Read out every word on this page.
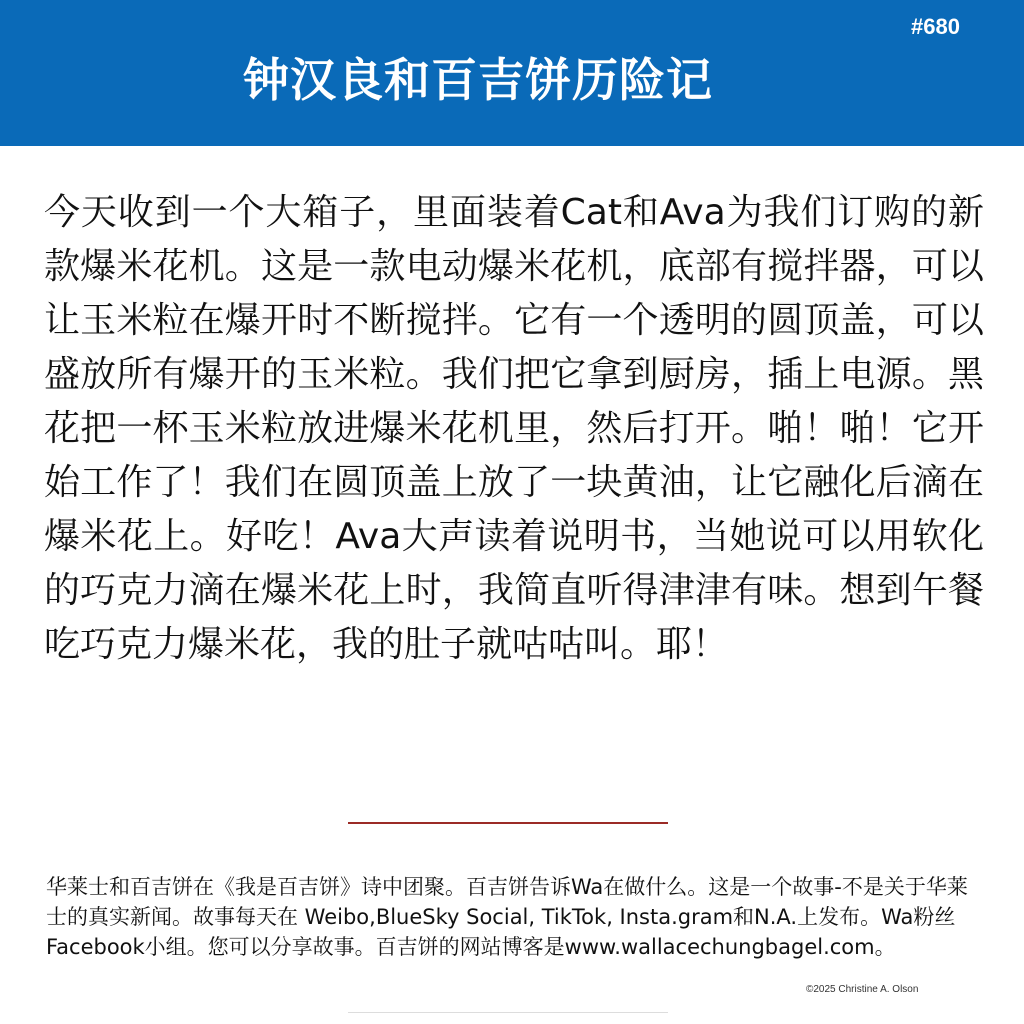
#680
钟汉良和百吉饼历险记

今天收到一个大箱子，里面装着Cat和Ava为我们订购的新款爆米花机。这是一款电动爆米花机，底部有搅拌器，可以让玉米粒在爆开时不断搅拌。它有一个透明的圆顶盖，可以盛放所有爆开的玉米粒。我们把它拿到厨房，插上电源。黑花把一杯玉米粒放进爆米花机里，然后打开。啪！啪！它开始工作了！我们在圆顶盖上放了一块黄油，让它融化后滴在爆米花上。好吃！Ava大声读着说明书，当她说可以用软化的巧克力滴在爆米花上时，我简直听得津津有味。想到午餐吃巧克力爆米花，我的肚子就咕咕叫。耶！

华莱士和百吉饼在《我是百吉饼》诗中团聚。百吉饼告诉Wa在做什么。这是一个故事-不是关于华莱士的真实新闻。故事每天在 Weibo,BlueSky Social, TikTok, Insta.gram和N.A.上发布。Wa粉丝Facebook小组。您可以分享故事。百吉饼的网站博客是www.wallacechungbagel.com。

©2025 Christine A. Olson
